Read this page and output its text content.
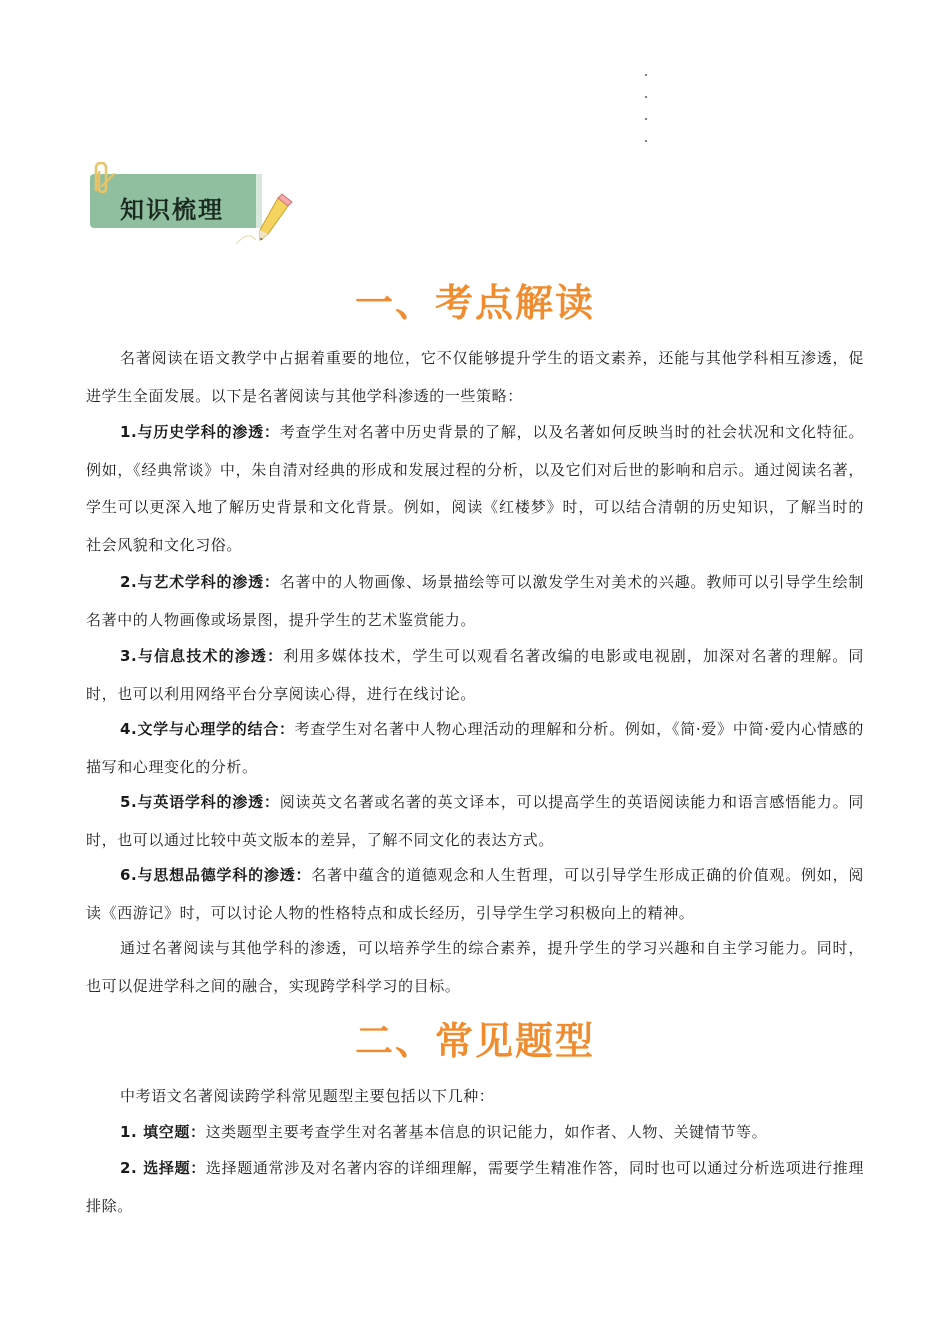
知识梳理
一、考点解读
名著阅读在语文教学中占据着重要的地位，它不仅能够提升学生的语文素养，还能与其他学科相互渗透，促进学生全面发展。以下是名著阅读与其他学科渗透的一些策略：
1.与历史学科的渗透：考查学生对名著中历史背景的了解，以及名著如何反映当时的社会状况和文化特征。例如，《经典常谈》中，朱自清对经典的形成和发展过程的分析，以及它们对后世的影响和启示。通过阅读名著，学生可以更深入地了解历史背景和文化背景。例如，阅读《红楼梦》时，可以结合清朝的历史知识，了解当时的社会风貌和文化习俗。
2.与艺术学科的渗透：名著中的人物画像、场景描绘等可以激发学生对美术的兴趣。教师可以引导学生绘制名著中的人物画像或场景图，提升学生的艺术鉴赏能力。
3.与信息技术的渗透：利用多媒体技术，学生可以观看名著改编的电影或电视剧，加深对名著的理解。同时，也可以利用网络平台分享阅读心得，进行在线讨论。
4.文学与心理学的结合：考查学生对名著中人物心理活动的理解和分析。例如，《简·爱》中简·爱内心情感的描写和心理变化的分析。
5.与英语学科的渗透：阅读英文名著或名著的英文译本，可以提高学生的英语阅读能力和语言感悟能力。同时，也可以通过比较中英文版本的差异，了解不同文化的表达方式。
6.与思想品德学科的渗透：名著中蕴含的道德观念和人生哲理，可以引导学生形成正确的价值观。例如，阅读《西游记》时，可以讨论人物的性格特点和成长经历，引导学生学习积极向上的精神。
通过名著阅读与其他学科的渗透，可以培养学生的综合素养，提升学生的学习兴趣和自主学习能力。同时，也可以促进学科之间的融合，实现跨学科学习的目标。
二、常见题型
中考语文名著阅读跨学科常见题型主要包括以下几种：
1. 填空题：这类题型主要考查学生对名著基本信息的识记能力，如作者、人物、关键情节等。
2. 选择题：选择题通常涉及对名著内容的详细理解，需要学生精准作答，同时也可以通过分析选项进行推理排除。
